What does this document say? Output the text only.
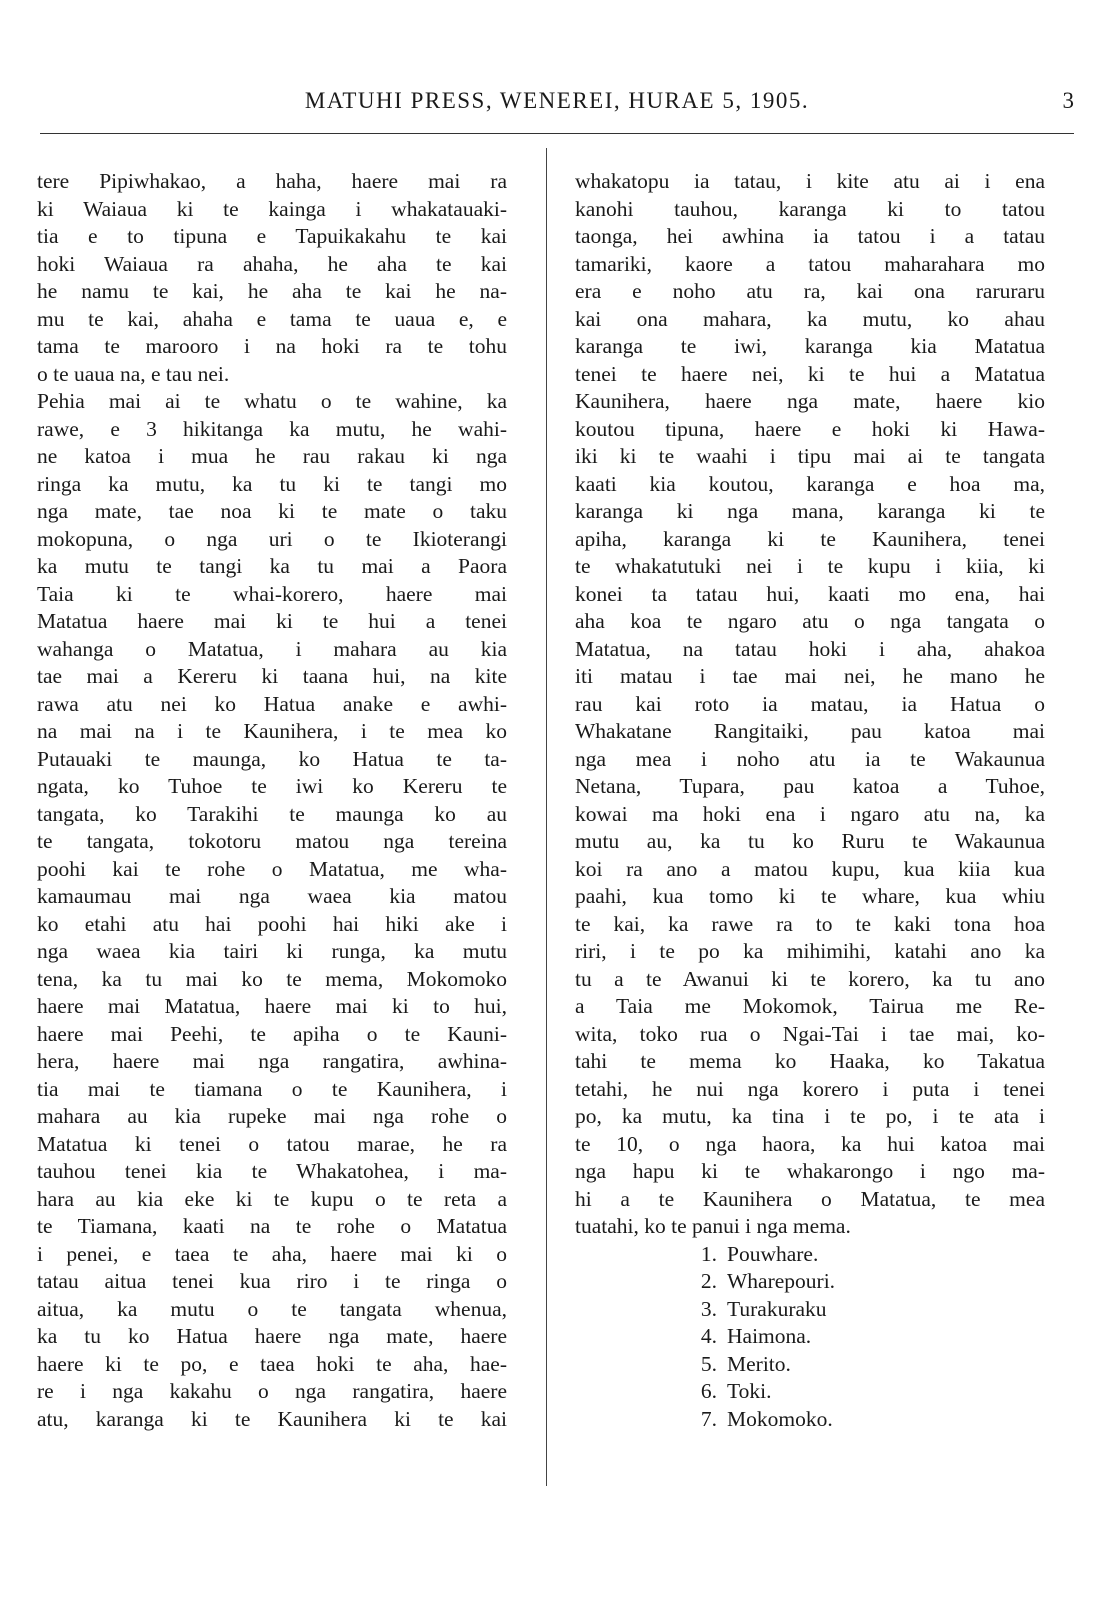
MATUHI PRESS, WENEREI, HURAE 5, 1905.	3
tere Pipiwhakao, a haha, haere mai ra
ki Waiaua ki te kainga i whakatauaki-
tia e to tipuna e Tapuikakahu te kai
hoki Waiaua ra ahaha, he aha te kai
he namu te kai, he aha te kai he na-
mu te kai, ahaha e tama te uaua e, e
tama te marooro i na hoki ra te tohu
o te uaua na, e tau nei.
Pehia mai ai te whatu o te wahine, ka
rawe, e 3 hikitanga ka mutu, he wahi-
ne katoa i mua he rau rakau ki nga
ringa ka mutu, ka tu ki te tangi mo
nga mate, tae noa ki te mate o taku
mokopuna, o nga uri o te Ikioterangi
ka mutu te tangi ka tu mai a Paora
Taia ki te whai-korero, haere mai
Matatua haere mai ki te hui a tenei
wahanga o Matatua, i mahara au kia
tae mai a Kereru ki taana hui, na kite
rawa atu nei ko Hatua anake e awhi-
na mai na i te Kaunihera, i te mea ko
Putauaki te maunga, ko Hatua te ta-
ngata, ko Tuhoe te iwi ko Kereru te
tangata, ko Tarakihi te maunga ko au
te tangata, tokotoru matou nga tereina
poohi kai te rohe o Matatua, me wha-
kamaumau mai nga waea kia matou
ko etahi atu hai poohi hai hiki ake i
nga waea kia tairi ki runga, ka mutu
tena, ka tu mai ko te mema, Mokomoko
haere mai Matatua, haere mai ki to hui,
haere mai Peehi, te apiha o te Kauni-
hera, haere mai nga rangatira, awhina-
tia mai te tiamana o te Kaunihera, i
mahara au kia rupeke mai nga rohe o
Matatua ki tenei o tatou marae, he ra
tauhou tenei kia te Whakatohea, i ma-
hara au kia eke ki te kupu o te reta a
te Tiamana, kaati na te rohe o Matatua
i penei, e taea te aha, haere mai ki o
tatau aitua tenei kua riro i te ringa o
aitua, ka mutu o te tangata whenua,
ka tu ko Hatua haere nga mate, haere
haere ki te po, e taea hoki te aha, hae-
re i nga kakahu o nga rangatira, haere
atu, karanga ki te Kaunihera ki te kai
whakatopu ia tatau, i kite atu ai i ena
kanohi tauhou, karanga ki to tatou
taonga, hei awhina ia tatou i a tatau
tamariki, kaore a tatou maharahara mo
era e noho atu ra, kai ona raruraru
kai ona mahara, ka mutu, ko ahau
karanga te iwi, karanga kia Matatua
tenei te haere nei, ki te hui a Matatua
Kaunihera, haere nga mate, haere kio
koutou tipuna, haere e hoki ki Hawa-
iki ki te waahi i tipu mai ai te tangata
kaati kia koutou, karanga e hoa ma,
karanga ki nga mana, karanga ki te
apiha, karanga ki te Kaunihera, tenei
te whakatutuki nei i te kupu i kiia, ki
konei ta tatau hui, kaati mo ena, hai
aha koa te ngaro atu o nga tangata o
Matatua, na tatau hoki i aha, ahakoa
iti matau i tae mai nei, he mano he
rau kai roto ia matau, ia Hatua o
Whakatane Rangitaiki, pau katoa mai
nga mea i noho atu ia te Wakaunua
Netana, Tupara, pau katoa a Tuhoe,
kowai ma hoki ena i ngaro atu na, ka
mutu au, ka tu ko Ruru te Wakaunua
koi ra ano a matou kupu, kua kiia kua
paahi, kua tomo ki te whare, kua whiu
te kai, ka rawe ra to te kaki tona hoa
riri, i te po ka mihimihi, katahi ano ka
tu a te Awanui ki te korero, ka tu ano
a Taia me Mokomok, Tairua me Re-
wita, toko rua o Ngai-Tai i tae mai, ko-
tahi te mema ko Haaka, ko Takatua
tetahi, he nui nga korero i puta i tenei
po, ka mutu, ka tina i te po, i te ata i
te 10, o nga haora, ka hui katoa mai
nga hapu ki te whakarongo i ngo ma-
hi a te Kaunihera o Matatua, te mea
tuatahi, ko te panui i nga mema.
1. Pouwhare.
2. Wharepouri.
3. Turakuraku
4. Haimona.
5. Merito.
6. Toki.
7. Mokomoko.
